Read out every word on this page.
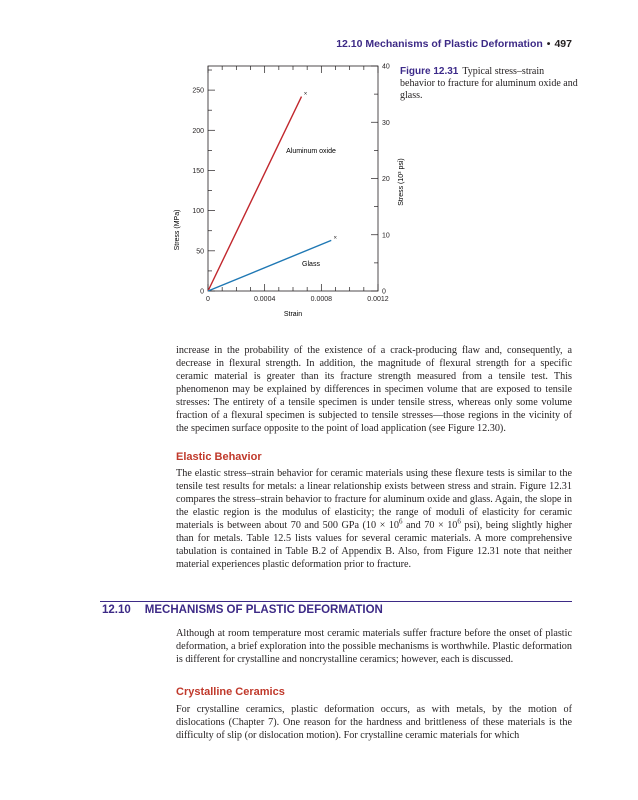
12.10 Mechanisms of Plastic Deformation • 497
0	0.0004	0.0008	0.0012
0
50
100
150
200
250
0
10
20
30
40
×
×
Strain
Stress (MPa)
Stress (10³ psi)
Aluminum oxide
Glass
Figure 12.31 Typical stress–strain behavior to fracture for aluminum oxide and glass.

increase in the probability of the existence of a crack-producing flaw and, consequently, a decrease in flexural strength. In addition, the magnitude of flexural strength for a specific ceramic material is greater than its fracture strength measured from a tensile test. This phenomenon may be explained by differences in specimen volume that are exposed to tensile stresses: The entirety of a tensile specimen is under tensile stress, whereas only some volume fraction of a flexural specimen is subjected to tensile stresses—those regions in the vicinity of the specimen surface opposite to the point of load application (see Figure 12.30).

Elastic Behavior

The elastic stress–strain behavior for ceramic materials using these flexure tests is similar to the tensile test results for metals: a linear relationship exists between stress and strain. Figure 12.31 compares the stress–strain behavior to fracture for aluminum oxide and glass. Again, the slope in the elastic region is the modulus of elasticity; the range of moduli of elasticity for ceramic materials is between about 70 and 500 GPa ($10 \times 10^6$ and $70 \times 10^6$ psi), being slightly higher than for metals. Table 12.5 lists values for several ceramic materials. A more comprehensive tabulation is contained in Table B.2 of Appendix B. Also, from Figure 12.31 note that neither material experiences plastic deformation prior to fracture.

12.10 MECHANISMS OF PLASTIC DEFORMATION

Although at room temperature most ceramic materials suffer fracture before the onset of plastic deformation, a brief exploration into the possible mechanisms is worthwhile. Plastic deformation is different for crystalline and noncrystalline ceramics; however, each is discussed.

Crystalline Ceramics

For crystalline ceramics, plastic deformation occurs, as with metals, by the motion of dislocations (Chapter 7). One reason for the hardness and brittleness of these materials is the difficulty of slip (or dislocation motion). For crystalline ceramic materials for which
